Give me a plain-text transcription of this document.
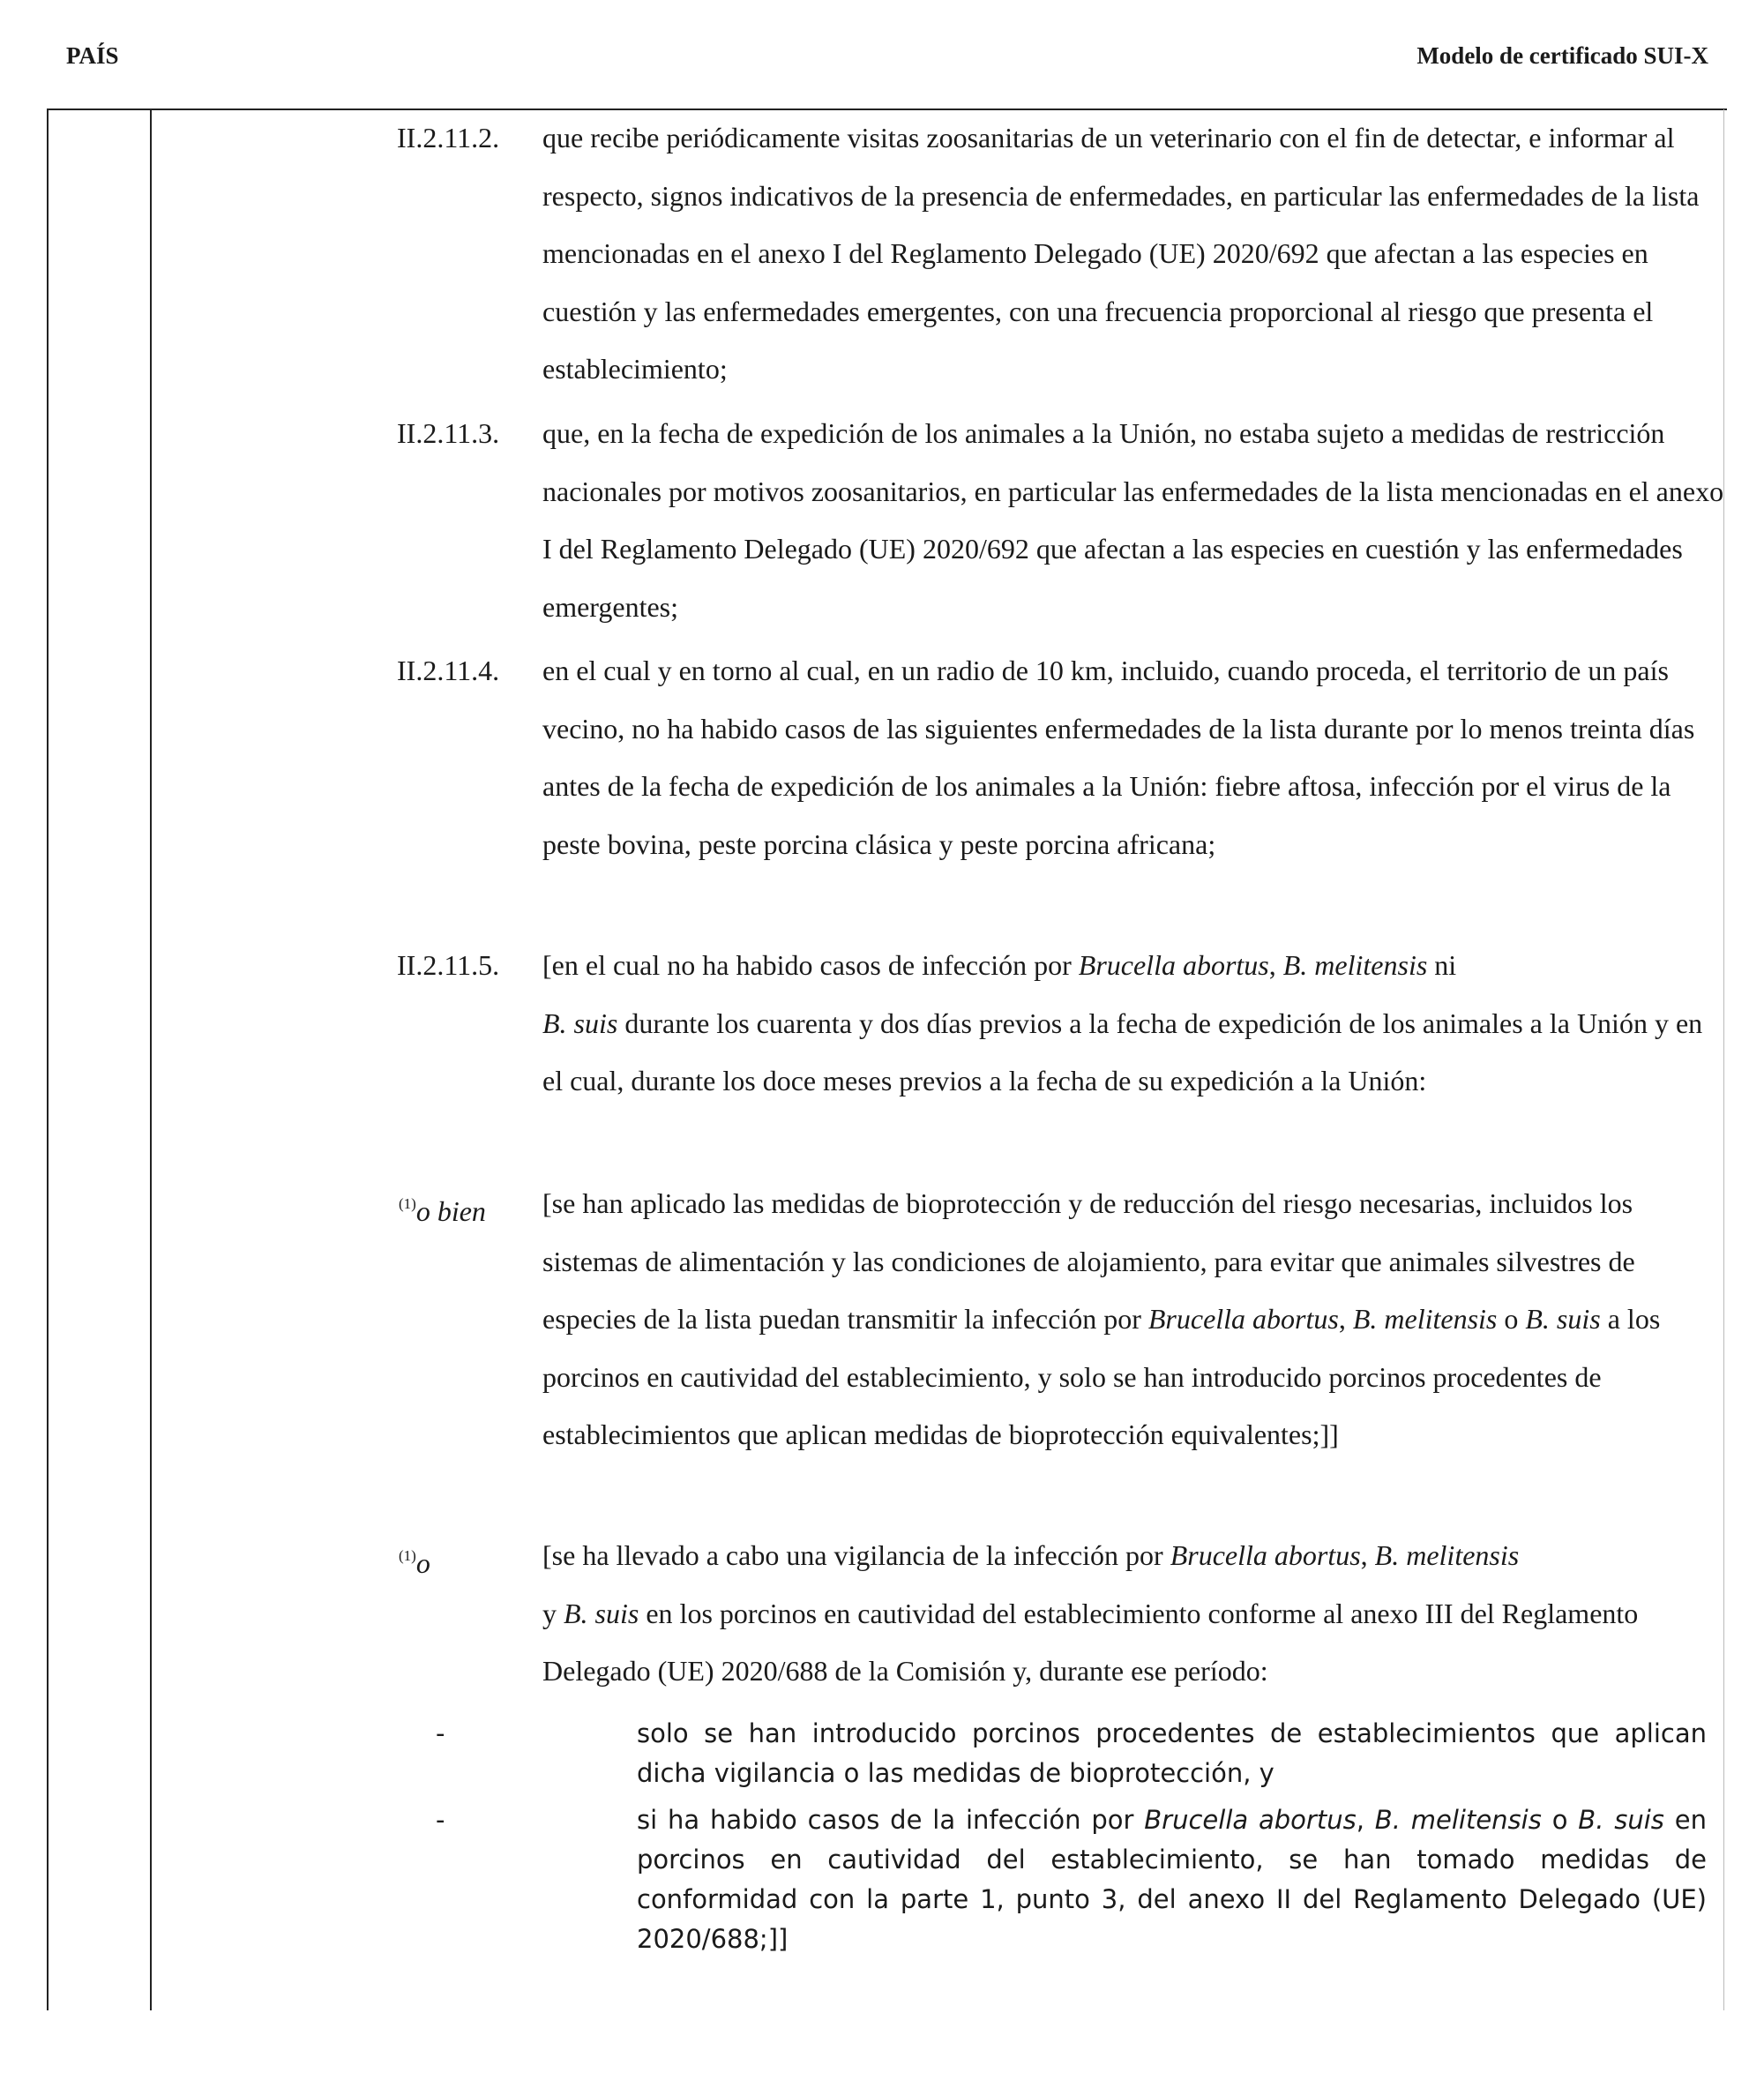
PAÍS	Modelo de certificado SUI-X
II.2.11.2.	que recibe periódicamente visitas zoosanitarias de un veterinario con el fin de detectar, e informar al respecto, signos indicativos de la presencia de enfermedades, en particular las enfermedades de la lista mencionadas en el anexo I del Reglamento Delegado (UE) 2020/692 que afectan a las especies en cuestión y las enfermedades emergentes, con una frecuencia proporcional al riesgo que presenta el establecimiento;
II.2.11.3.	que, en la fecha de expedición de los animales a la Unión, no estaba sujeto a medidas de restricción nacionales por motivos zoosanitarios, en particular las enfermedades de la lista mencionadas en el anexo I del Reglamento Delegado (UE) 2020/692 que afectan a las especies en cuestión y las enfermedades emergentes;
II.2.11.4.	en el cual y en torno al cual, en un radio de 10 km, incluido, cuando proceda, el territorio de un país vecino, no ha habido casos de las siguientes enfermedades de la lista durante por lo menos treinta días antes de la fecha de expedición de los animales a la Unión: fiebre aftosa, infección por el virus de la peste bovina, peste porcina clásica y peste porcina africana;
II.2.11.5.	[en el cual no ha habido casos de infección por Brucella abortus, B. melitensis ni
B. suis durante los cuarenta y dos días previos a la fecha de expedición de los animales a la Unión y en el cual, durante los doce meses previos a la fecha de su expedición a la Unión:
$^{(1)}$o bien	[se han aplicado las medidas de bioprotección y de reducción del riesgo necesarias, incluidos los sistemas de alimentación y las condiciones de alojamiento, para evitar que animales silvestres de especies de la lista puedan transmitir la infección por Brucella abortus, B. melitensis o B. suis a los porcinos en cautividad del establecimiento, y solo se han introducido porcinos procedentes de establecimientos que aplican medidas de bioprotección equivalentes;]]
$^{(1)}$o	[se ha llevado a cabo una vigilancia de la infección por Brucella abortus, B. melitensis
y B. suis en los porcinos en cautividad del establecimiento conforme al anexo III del Reglamento Delegado (UE) 2020/688 de la Comisión y, durante ese período:
-	solo se han introducido porcinos procedentes de establecimientos que aplican dicha vigilancia o las medidas de bioprotección, y
-	si ha habido casos de la infección por Brucella abortus, B. melitensis o B. suis en porcinos en cautividad del establecimiento, se han tomado medidas de conformidad con la parte 1, punto 3, del anexo II del Reglamento Delegado (UE) 2020/688;]]
